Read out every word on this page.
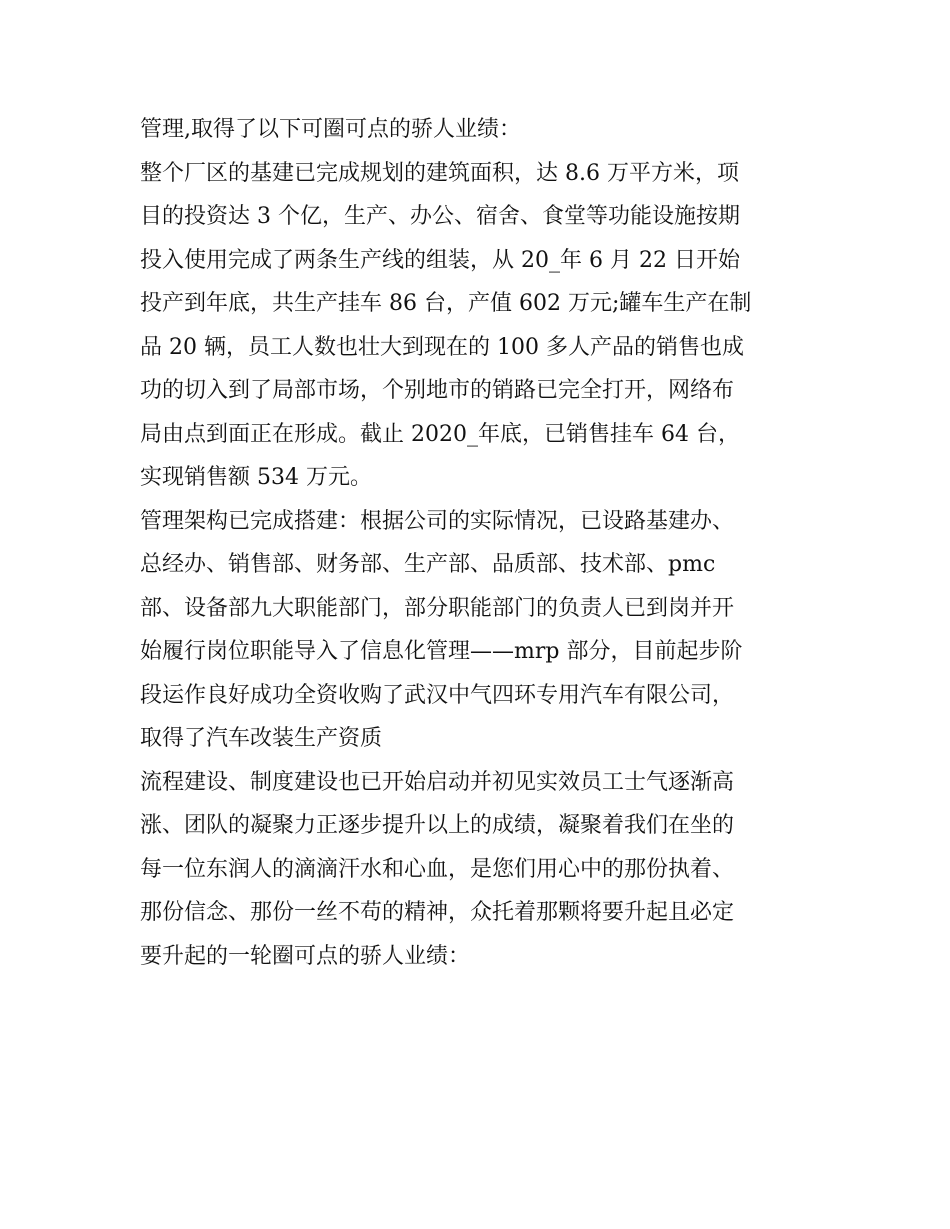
管理,取得了以下可圈可点的骄人业绩：
整个厂区的基建已完成规划的建筑面积，达 8.6 万平方米，项
目的投资达 3 个亿，生产、办公、宿舍、食堂等功能设施按期
投入使用完成了两条生产线的组装，从 20_年 6 月 22 日开始
投产到年底，共生产挂车 86 台，产值 602 万元;罐车生产在制
品 20 辆，员工人数也壮大到现在的 100 多人产品的销售也成
功的切入到了局部市场，个别地市的销路已完全打开，网络布
局由点到面正在形成。截止 2020_年底，已销售挂车 64 台，
实现销售额 534 万元。
管理架构已完成搭建：根据公司的实际情况，已设路基建办、
总经办、销售部、财务部、生产部、品质部、技术部、pmc
部、设备部九大职能部门，部分职能部门的负责人已到岗并开
始履行岗位职能导入了信息化管理——mrp 部分，目前起步阶
段运作良好成功全资收购了武汉中气四环专用汽车有限公司，
取得了汽车改装生产资质
流程建设、制度建设也已开始启动并初见实效员工士气逐渐高
涨、团队的凝聚力正逐步提升以上的成绩，凝聚着我们在坐的
每一位东润人的滴滴汗水和心血，是您们用心中的那份执着、
那份信念、那份一丝不苟的精神，众托着那颗将要升起且必定
要升起的一轮圈可点的骄人业绩：
